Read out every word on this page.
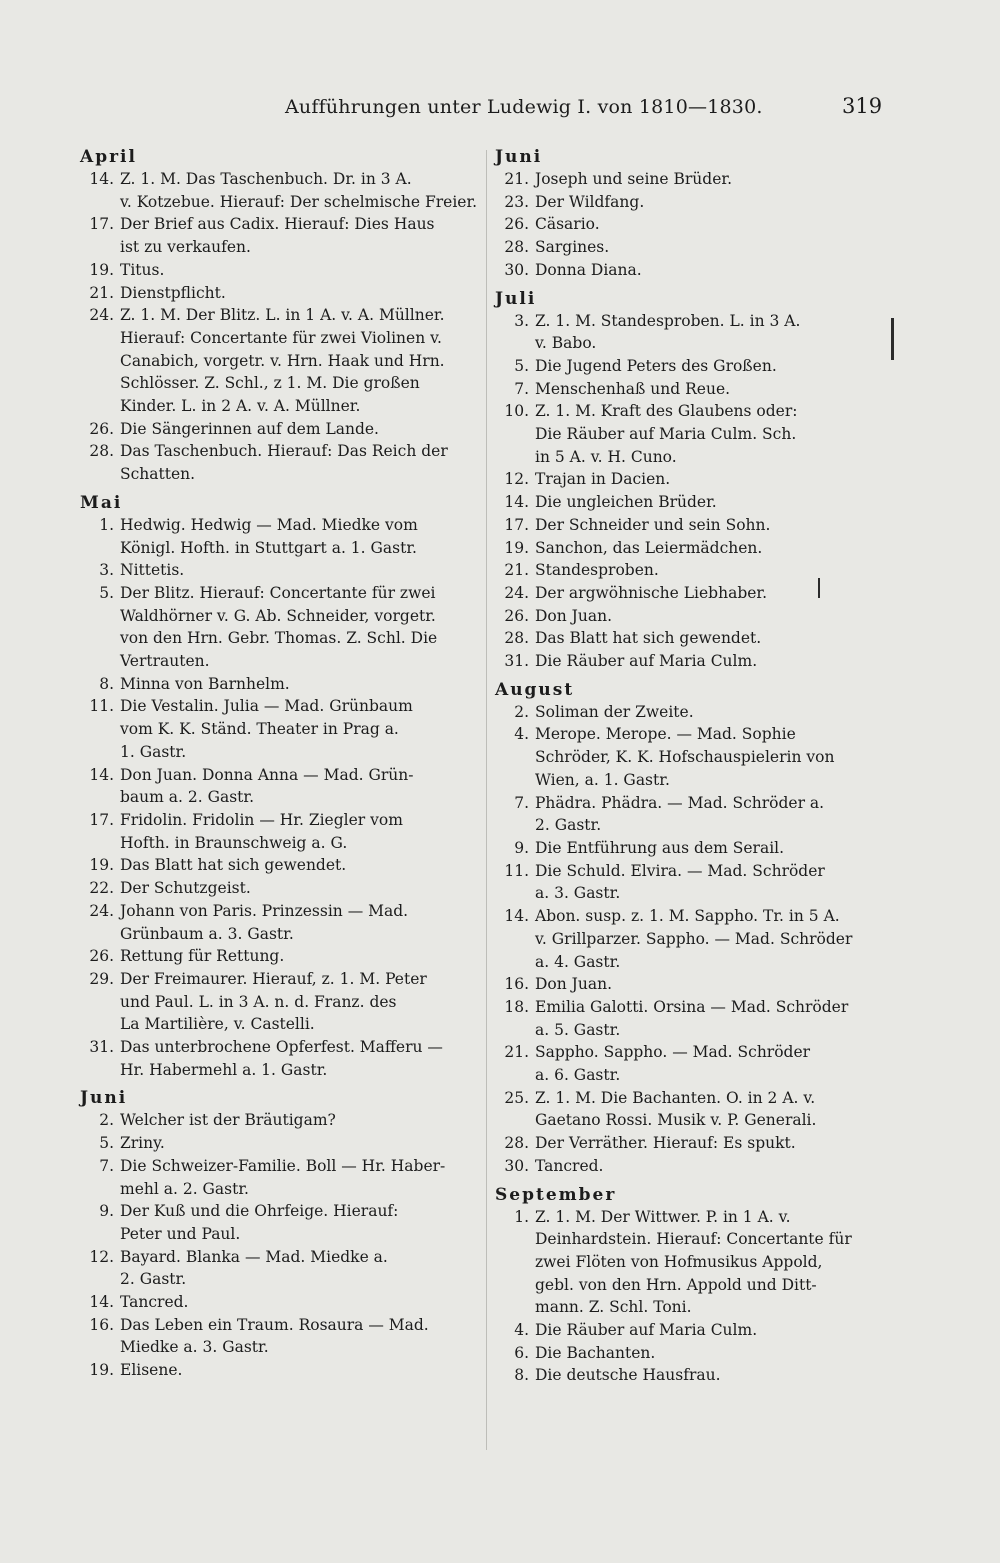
Aufführungen unter Ludewig I. von 1810—1830.	319
April
14. Z. 1. M. Das Taschenbuch. Dr. in 3 A.
v. Kotzebue. Hierauf: Der schelmische Freier.
17. Der Brief aus Cadix. Hierauf: Dies Haus
ist zu verkaufen.
19. Titus.
21. Dienstpflicht.
24. Z. 1. M. Der Blitz. L. in 1 A. v. A. Müllner.
Hierauf: Concertante für zwei Violinen v.
Canabich, vorgetr. v. Hrn. Haak und Hrn.
Schlösser. Z. Schl., z 1. M. Die großen
Kinder. L. in 2 A. v. A. Müllner.
26. Die Sängerinnen auf dem Lande.
28. Das Taschenbuch. Hierauf: Das Reich der
Schatten.
Mai
1. Hedwig. Hedwig — Mad. Miedke vom
Königl. Hofth. in Stuttgart a. 1. Gastr.
3. Nittetis.
5. Der Blitz. Hierauf: Concertante für zwei
Waldhörner v. G. Ab. Schneider, vorgetr.
von den Hrn. Gebr. Thomas. Z. Schl. Die
Vertrauten.
8. Minna von Barnhelm.
11. Die Vestalin. Julia — Mad. Grünbaum
vom K. K. Ständ. Theater in Prag a.
1. Gastr.
14. Don Juan. Donna Anna — Mad. Grün-
baum a. 2. Gastr.
17. Fridolin. Fridolin — Hr. Ziegler vom
Hofth. in Braunschweig a. G.
19. Das Blatt hat sich gewendet.
22. Der Schutzgeist.
24. Johann von Paris. Prinzessin — Mad.
Grünbaum a. 3. Gastr.
26. Rettung für Rettung.
29. Der Freimaurer. Hierauf, z. 1. M. Peter
und Paul. L. in 3 A. n. d. Franz. des
La Martilière, v. Castelli.
31. Das unterbrochene Opferfest. Mafferu —
Hr. Habermehl a. 1. Gastr.
Juni
2. Welcher ist der Bräutigam?
5. Zriny.
7. Die Schweizer-Familie. Boll — Hr. Haber-
mehl a. 2. Gastr.
9. Der Kuß und die Ohrfeige. Hierauf:
Peter und Paul.
12. Bayard. Blanka — Mad. Miedke a.
2. Gastr.
14. Tancred.
16. Das Leben ein Traum. Rosaura — Mad.
Miedke a. 3. Gastr.
19. Elisene.
Juni
21. Joseph und seine Brüder.
23. Der Wildfang.
26. Cäsario.
28. Sargines.
30. Donna Diana.
Juli
3. Z. 1. M. Standesproben. L. in 3 A.
v. Babo.
5. Die Jugend Peters des Großen.
7. Menschenhaß und Reue.
10. Z. 1. M. Kraft des Glaubens oder:
Die Räuber auf Maria Culm. Sch.
in 5 A. v. H. Cuno.
12. Trajan in Dacien.
14. Die ungleichen Brüder.
17. Der Schneider und sein Sohn.
19. Sanchon, das Leiermädchen.
21. Standesproben.
24. Der argwöhnische Liebhaber.
26. Don Juan.
28. Das Blatt hat sich gewendet.
31. Die Räuber auf Maria Culm.
August
2. Soliman der Zweite.
4. Merope. Merope. — Mad. Sophie
Schröder, K. K. Hofschauspielerin von
Wien, a. 1. Gastr.
7. Phädra. Phädra. — Mad. Schröder a.
2. Gastr.
9. Die Entführung aus dem Serail.
11. Die Schuld. Elvira. — Mad. Schröder
a. 3. Gastr.
14. Abon. susp. z. 1. M. Sappho. Tr. in 5 A.
v. Grillparzer. Sappho. — Mad. Schröder
a. 4. Gastr.
16. Don Juan.
18. Emilia Galotti. Orsina — Mad. Schröder
a. 5. Gastr.
21. Sappho. Sappho. — Mad. Schröder
a. 6. Gastr.
25. Z. 1. M. Die Bachanten. O. in 2 A. v.
Gaetano Rossi. Musik v. P. Generali.
28. Der Verräther. Hierauf: Es spukt.
30. Tancred.
September
1. Z. 1. M. Der Wittwer. P. in 1 A. v.
Deinhardstein. Hierauf: Concertante für
zwei Flöten von Hofmusikus Appold,
gebl. von den Hrn. Appold und Ditt-
mann. Z. Schl. Toni.
4. Die Räuber auf Maria Culm.
6. Die Bachanten.
8. Die deutsche Hausfrau.
